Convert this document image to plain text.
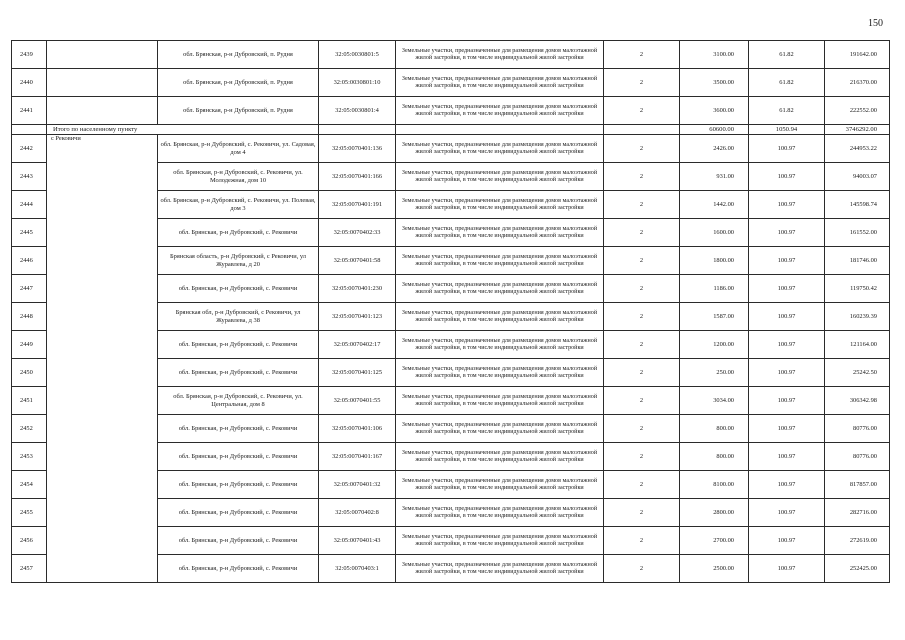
150
2439		обл. Брянская, р-н Дубровский, п. Рудня	32:05:0030801:5	Земельные участки, предназначенные для размещения домов малоэтажной жилой застройки, в том числе индивидуальной жилой застройки	2	3100.00	61.82	191642.00
2440		обл. Брянская, р-н Дубровский, п. Рудня	32:05:0030801:10	Земельные участки, предназначенные для размещения домов малоэтажной жилой застройки, в том числе индивидуальной жилой застройки	2	3500.00	61.82	216370.00
2441		обл. Брянская, р-н Дубровский, п. Рудня	32:05:0030801:4	Земельные участки, предназначенные для размещения домов малоэтажной жилой застройки, в том числе индивидуальной жилой застройки	2	3600.00	61.82	222552.00
	Итого по населенному пункту					60600.00	1050.94	3746292.00
2442	с Рековичи	обл. Брянская, р-н Дубровский, с. Рековичи, ул. Садовая, дом 4	32:05:0070401:136	Земельные участки, предназначенные для размещения домов малоэтажной жилой застройки, в том числе индивидуальной жилой застройки	2	2426.00	100.97	244953.22
2443		обл. Брянская, р-н Дубровский, с. Рековичи, ул. Молодежная, дом 10	32:05:0070401:166	Земельные участки, предназначенные для размещения домов малоэтажной жилой застройки, в том числе индивидуальной жилой застройки	2	931.00	100.97	94003.07
2444		обл. Брянская, р-н Дубровский, с. Рековичи, ул. Полевая, дом 3	32:05:0070401:191	Земельные участки, предназначенные для размещения домов малоэтажной жилой застройки, в том числе индивидуальной жилой застройки	2	1442.00	100.97	145598.74
2445		обл. Брянская, р-н Дубровский, с. Рековичи	32:05:0070402:33	Земельные участки, предназначенные для размещения домов малоэтажной жилой застройки, в том числе индивидуальной жилой застройки	2	1600.00	100.97	161552.00
2446		Брянская область, р-н Дубровский, с Рековичи, ул Журавлева, д 20	32:05:0070401:58	Земельные участки, предназначенные для размещения домов малоэтажной жилой застройки, в том числе индивидуальной жилой застройки	2	1800.00	100.97	181746.00
2447		обл. Брянская, р-н Дубровский, с. Рековичи	32:05:0070401:230	Земельные участки, предназначенные для размещения домов малоэтажной жилой застройки, в том числе индивидуальной жилой застройки	2	1186.00	100.97	119750.42
2448		Брянская обл, р-н Дубровский, с Рековичи, ул Журавлева, д 38	32:05:0070401:123	Земельные участки, предназначенные для размещения домов малоэтажной жилой застройки, в том числе индивидуальной жилой застройки	2	1587.00	100.97	160239.39
2449		обл. Брянская, р-н Дубровский, с. Рековичи	32:05:0070402:17	Земельные участки, предназначенные для размещения домов малоэтажной жилой застройки, в том числе индивидуальной жилой застройки	2	1200.00	100.97	121164.00
2450		обл. Брянская, р-н Дубровский, с. Рековичи	32:05:0070401:125	Земельные участки, предназначенные для размещения домов малоэтажной жилой застройки, в том числе индивидуальной жилой застройки	2	250.00	100.97	25242.50
2451		обл. Брянская, р-н Дубровский, с. Рековичи, ул. Центральная, дом 8	32:05:0070401:55	Земельные участки, предназначенные для размещения домов малоэтажной жилой застройки, в том числе индивидуальной жилой застройки	2	3034.00	100.97	306342.98
2452		обл. Брянская, р-н Дубровский, с. Рековичи	32:05:0070401:106	Земельные участки, предназначенные для размещения домов малоэтажной жилой застройки, в том числе индивидуальной жилой застройки	2	800.00	100.97	80776.00
2453		обл. Брянская, р-н Дубровский, с. Рековичи	32:05:0070401:167	Земельные участки, предназначенные для размещения домов малоэтажной жилой застройки, в том числе индивидуальной жилой застройки	2	800.00	100.97	80776.00
2454		обл. Брянская, р-н Дубровский, с. Рековичи	32:05:0070401:32	Земельные участки, предназначенные для размещения домов малоэтажной жилой застройки, в том числе индивидуальной жилой застройки	2	8100.00	100.97	817857.00
2455		обл. Брянская, р-н Дубровский, с. Рековичи	32:05:0070402:8	Земельные участки, предназначенные для размещения домов малоэтажной жилой застройки, в том числе индивидуальной жилой застройки	2	2800.00	100.97	282716.00
2456		обл. Брянская, р-н Дубровский, с. Рековичи	32:05:0070401:43	Земельные участки, предназначенные для размещения домов малоэтажной жилой застройки, в том числе индивидуальной жилой застройки	2	2700.00	100.97	272619.00
2457		обл. Брянская, р-н Дубровский, с. Рековичи	32:05:0070403:1	Земельные участки, предназначенные для размещения домов малоэтажной жилой застройки, в том числе индивидуальной жилой застройки	2	2500.00	100.97	252425.00
